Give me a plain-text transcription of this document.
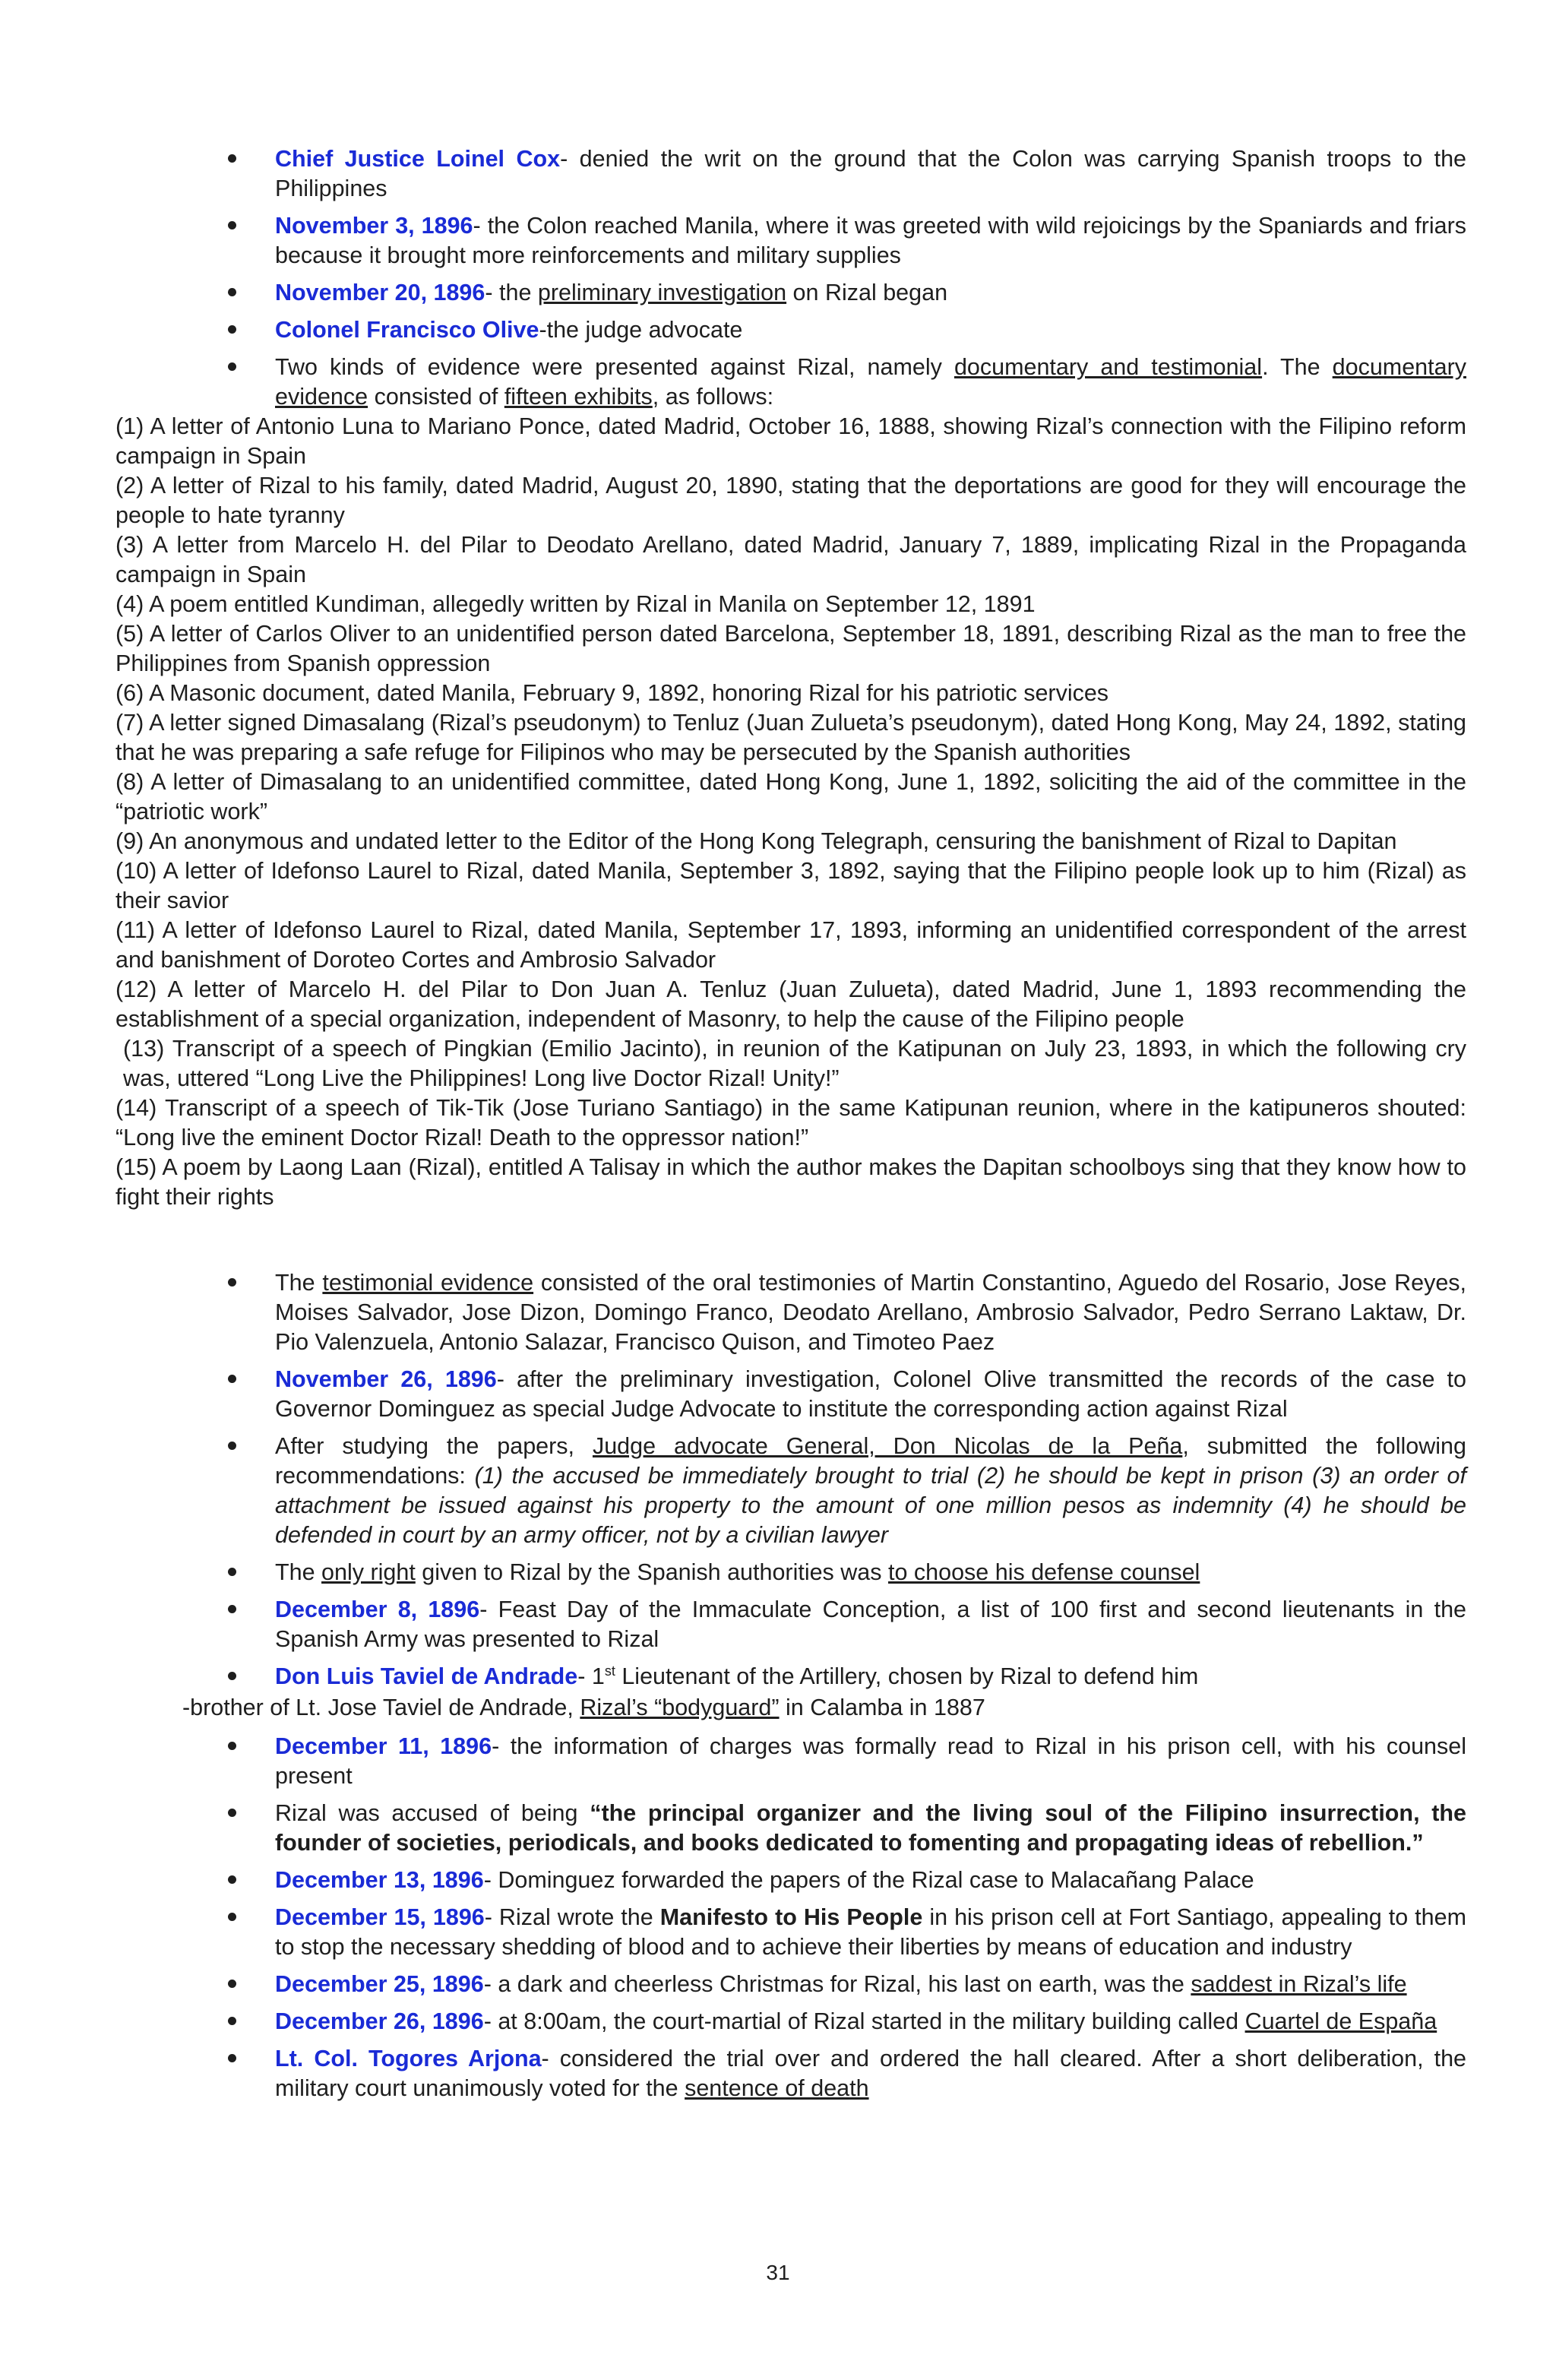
Chief Justice Loinel Cox- denied the writ on the ground that the Colon was carrying Spanish troops to the Philippines
November 3, 1896- the Colon reached Manila, where it was greeted with wild rejoicings by the Spaniards and friars because it brought more reinforcements and military supplies
November 20, 1896- the preliminary investigation on Rizal began
Colonel Francisco Olive-the judge advocate
Two kinds of evidence were presented against Rizal, namely documentary and testimonial. The documentary evidence consisted of fifteen exhibits, as follows:

(1) A letter of Antonio Luna to Mariano Ponce, dated Madrid, October 16, 1888, showing Rizal’s connection with the Filipino reform campaign in Spain

(2) A letter of Rizal to his family, dated Madrid, August 20, 1890, stating that the deportations are good for they will encourage the people to hate tyranny

(3) A letter from Marcelo H. del Pilar to Deodato Arellano, dated Madrid, January 7, 1889, implicating Rizal in the Propaganda campaign in Spain

(4) A poem entitled Kundiman, allegedly written by Rizal in Manila on September 12, 1891

(5) A letter of Carlos Oliver to an unidentified person dated Barcelona, September 18, 1891, describing Rizal as the man to free the Philippines from Spanish oppression

(6) A Masonic document, dated Manila, February 9, 1892, honoring Rizal for his patriotic services

(7) A letter signed Dimasalang (Rizal’s pseudonym) to Tenluz (Juan Zulueta’s pseudonym), dated Hong Kong, May 24, 1892, stating that he was preparing a safe refuge for Filipinos who may be persecuted by the Spanish authorities

(8) A letter of Dimasalang to an unidentified committee, dated Hong Kong, June 1, 1892, soliciting the aid of the committee in the “patriotic work”

(9) An anonymous and undated letter to the Editor of the Hong Kong Telegraph, censuring the banishment of Rizal to Dapitan

(10) A letter of Idefonso Laurel to Rizal, dated Manila, September 3, 1892, saying that the Filipino people look up to him (Rizal) as their savior

(11) A letter of Idefonso Laurel to Rizal, dated Manila, September 17, 1893, informing an unidentified correspondent of the arrest and banishment of Doroteo Cortes and Ambrosio Salvador

(12) A letter of Marcelo H. del Pilar to Don Juan A. Tenluz (Juan Zulueta), dated Madrid, June 1, 1893 recommending the establishment of a special organization, independent of Masonry, to help the cause of the Filipino people

(13) Transcript of a speech of Pingkian (Emilio Jacinto), in reunion of the Katipunan on July 23, 1893, in which the following cry was, uttered “Long Live the Philippines! Long live Doctor Rizal! Unity!”

(14) Transcript of a speech of Tik-Tik (Jose Turiano Santiago) in the same Katipunan reunion, where in the katipuneros shouted: “Long live the eminent Doctor Rizal! Death to the oppressor nation!”

(15) A poem by Laong Laan (Rizal), entitled A Talisay in which the author makes the Dapitan schoolboys sing that they know how to fight their rights

The testimonial evidence consisted of the oral testimonies of Martin Constantino, Aguedo del Rosario, Jose Reyes, Moises Salvador, Jose Dizon, Domingo Franco, Deodato Arellano, Ambrosio Salvador, Pedro Serrano Laktaw, Dr. Pio Valenzuela, Antonio Salazar, Francisco Quison, and Timoteo Paez
November 26, 1896- after the preliminary investigation, Colonel Olive transmitted the records of the case to Governor Dominguez as special Judge Advocate to institute the corresponding action against Rizal
After studying the papers, Judge advocate General, Don Nicolas de la Peña, submitted the following recommendations: (1) the accused be immediately brought to trial (2) he should be kept in prison (3) an order of attachment be issued against his property to the amount of one million pesos as indemnity (4) he should be defended in court by an army officer, not by a civilian lawyer
The only right given to Rizal by the Spanish authorities was to choose his defense counsel
December 8, 1896- Feast Day of the Immaculate Conception, a list of 100 first and second lieutenants in the Spanish Army was presented to Rizal
Don Luis Taviel de Andrade- 1st Lieutenant of the Artillery, chosen by Rizal to defend him
-brother of Lt. Jose Taviel de Andrade, Rizal’s “bodyguard” in Calamba in 1887
December 11, 1896- the information of charges was formally read to Rizal in his prison cell, with his counsel present
Rizal was accused of being “the principal organizer and the living soul of the Filipino insurrection, the founder of societies, periodicals, and books dedicated to fomenting and propagating ideas of rebellion.”
December 13, 1896- Dominguez forwarded the papers of the Rizal case to Malacañang Palace
December 15, 1896- Rizal wrote the Manifesto to His People in his prison cell at Fort Santiago, appealing to them to stop the necessary shedding of blood and to achieve their liberties by means of education and industry
December 25, 1896- a dark and cheerless Christmas for Rizal, his last on earth, was the saddest in Rizal’s life
December 26, 1896- at 8:00am, the court-martial of Rizal started in the military building called Cuartel de España
Lt. Col. Togores Arjona- considered the trial over and ordered the hall cleared. After a short deliberation, the military court unanimously voted for the sentence of death
31
